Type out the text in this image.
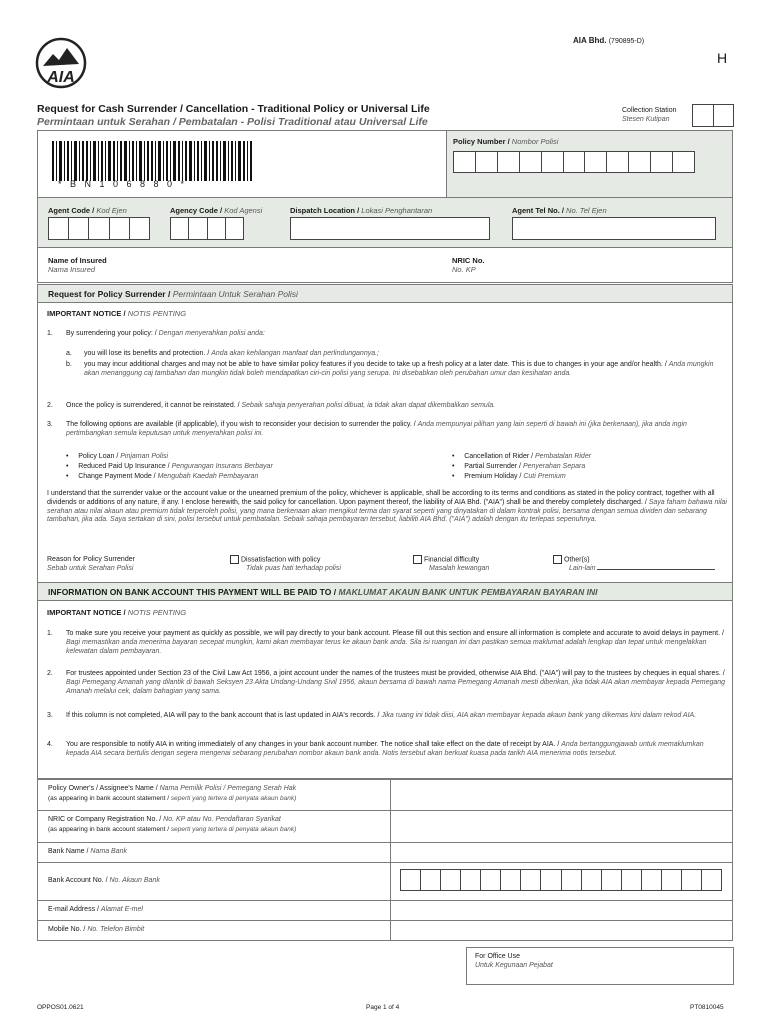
AIA
AIA Bhd. (790895-D)
H
Request for Cash Surrender / Cancellation - Traditional Policy or Universal Life
Permintaan untuk Serahan / Pembatalan - Polisi Traditional atau Universal Life
Collection Station
Stesen Kutipan
* B N 1 0 6 8 8 0 *
Policy Number / Nombor Polisi
Agent Code / Kod Ejen	Agency Code / Kod Agensi	Dispatch Location / Lokasi Penghantaran	Agent Tel No. / No. Tel Ejen
Name of Insured
Nama Insured
NRIC No.
No. KP
Request for Policy Surrender / Permintaan Untuk Serahan Polisi
IMPORTANT NOTICE / NOTIS PENTING
1. By surrendering your policy: / Dengan menyerahkan polisi anda:
a. you will lose its benefits and protection. / Anda akan kehilangan manfaat dan perlindungannya.;
b. you may incur additional charges and may not be able to have similar policy features if you decide to take up a fresh policy at a later date. This is due to changes in your age and/or health. / Anda mungkin akan menanggung caj tambahan dan mungkin tidak boleh mendapatkan ciri-ciri polisi yang serupa. Ini disebabkan oleh perubahan umur dan kesihatan anda.
2. Once the policy is surrendered, it cannot be reinstated. / Sebaik sahaja penyerahan polisi dibuat, ia tidak akan dapat dikembalikan semula.
3. The following options are available (if applicable), if you wish to reconsider your decision to surrender the policy. / Anda mempunyai pilihan yang lain seperti di bawah ini (jika berkenaan), jika anda ingin pertimbangkan semula keputusan untuk menyerahkan polisi ini.
•     Policy Loan / Pinjaman Polisi
•     Reduced Paid Up Insurance / Pengurangan Insurans Berbayar
•     Change Payment Mode / Mengubah Kaedah Pembayaran
•     Cancellation of Rider / Pembatalan Rider
•     Partial Surrender / Penyerahan Separa
•     Premium Holiday / Cuti Premium
I understand that the surrender value or the account value or the unearned premium of the policy, whichever is applicable, shall be according to its terms and conditions as stated in the policy contract, together with all dividends or additions of any nature, if any. I enclose herewith, the said policy for cancellation. Upon payment thereof, the liability of AIA Bhd. ("AIA") shall be and thereby completely discharged. / Saya faham bahawa nilai serahan atau nilai akaun atau premium tidak terperoleh polisi, yang mana berkenaan akan mengikut terma dan syarat seperti yang dinyatakan di dalam kontrak polisi, bersama dengan semua dividen dan sebarang tambahan, jika ada. Saya sertakan di sini, polisi tersebut untuk pembatalan. Sebaik sahaja pembayaran tersebut, liabiliti AIA Bhd. ("AIA") adalah dengan itu terlepas sepenuhnya.
Reason for Policy Surrender
Sebab untuk Serahan Polisi
Dissatisfaction with policy
Tidak puas hati terhadap polisi
Financial difficulty
Masalah kewangan
Other(s)
Lain-lain
INFORMATION ON BANK ACCOUNT THIS PAYMENT WILL BE PAID TO / MAKLUMAT AKAUN BANK UNTUK PEMBAYARAN BAYARAN INI
IMPORTANT NOTICE / NOTIS PENTING
1. To make sure you receive your payment as quickly as possible, we will pay directly to your bank account. Please fill out this section and ensure all information is complete and accurate to avoid delays in payment. / Bagi memastikan anda menerima bayaran secepat mungkin, kami akan membayar terus ke akaun bank anda. Sila isi ruangan ini dan pastikan semua maklumat adalah lengkap dan tepat untuk mengelakkan kelewatan dalam pembayaran.
2. For trustees appointed under Section 23 of the Civil Law Act 1956, a joint account under the names of the trustees must be provided, otherwise AIA Bhd. ("AIA") will pay to the trustees by cheques in equal shares. / Bagi Pemegang Amanah yang dilantik di bawah Seksyen 23 Akta Undang-Undang Sivil 1956, akaun bersama di bawah nama Pemegang Amanah mesti diberikan, jika tidak AIA akan membayar kepada Pemegang Amanah melalui cek, dalam bahagian yang sama.
3. If this column is not completed, AIA will pay to the bank account that is last updated in AIA's records. / Jika ruang ini tidak diisi, AIA akan membayar kepada akaun bank yang dikemas kini dalam rekod AIA.
4. You are responsible to notify AIA in writing immediately of any changes in your bank account number. The notice shall take effect on the date of receipt by AIA. / Anda bertanggungjawab untuk memaklumkan kepada AIA secara bertulis dengan segera mengenai sebarang perubahan nombor akaun bank anda. Notis tersebut akan berkuat kuasa pada tarikh AIA menerima notis tersebut.
Policy Owner's / Assignee's Name / Nama Pemilik Polisi / Pemegang Serah Hak
(as appearing in bank account statement / seperti yang tertera di penyata akaun bank)
NRIC or Company Registration No. / No. KP atau No. Pendaftaran Syarikat
(as appearing in bank account statement / seperti yang tertera di penyata akaun bank)
Bank Name / Nama Bank
Bank Account No. / No. Akaun Bank
E-mail Address / Alamat E-mel
Mobile No. / No. Telefon Bimbit
For Office Use
Untuk Kegunaan Pejabat
OPPOS01.0621	Page 1 of 4	PT0810045
